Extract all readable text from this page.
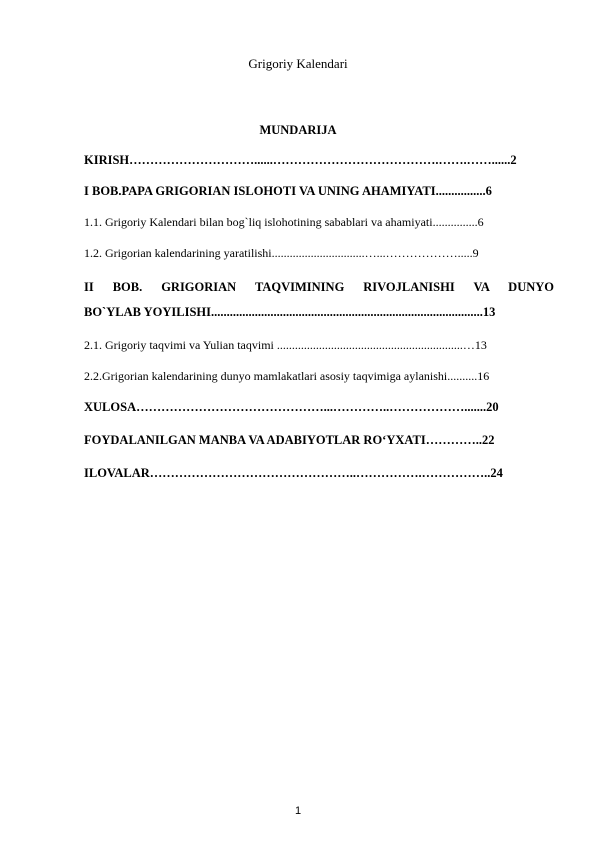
Grigoriy Kalendari
MUNDARIJA
KIRISH…………………………......………………………………….…….……......2
I BOB.PAPA GRIGORIAN ISLOHOTI VA UNING AHAMIYATI................6
1.1. Grigoriy Kalendari bilan bog`liq islohotining sabablari va ahamiyati...............6
1.2. Grigorian kalendarining yaratilishi...............................…...……………….....9
II BOB. GRIGORIAN TAQVIMINING RIVOJLANISHI VA DUNYO
BO`YLAB YOYILISHI.......................................................................................13
2.1. Grigoriy taqvimi va Yulian taqvimi ..............................................................…13
2.2.Grigorian kalendarining dunyo mamlakatlari asosiy taqvimiga aylanishi..........16
XULOSA………………………………………...…………..……………….......20
FOYDALANILGAN MANBA VA ADABIYOTLAR RO‘YXATI…………..22
ILOVALAR…………………………………………..…………….……………..24
1
